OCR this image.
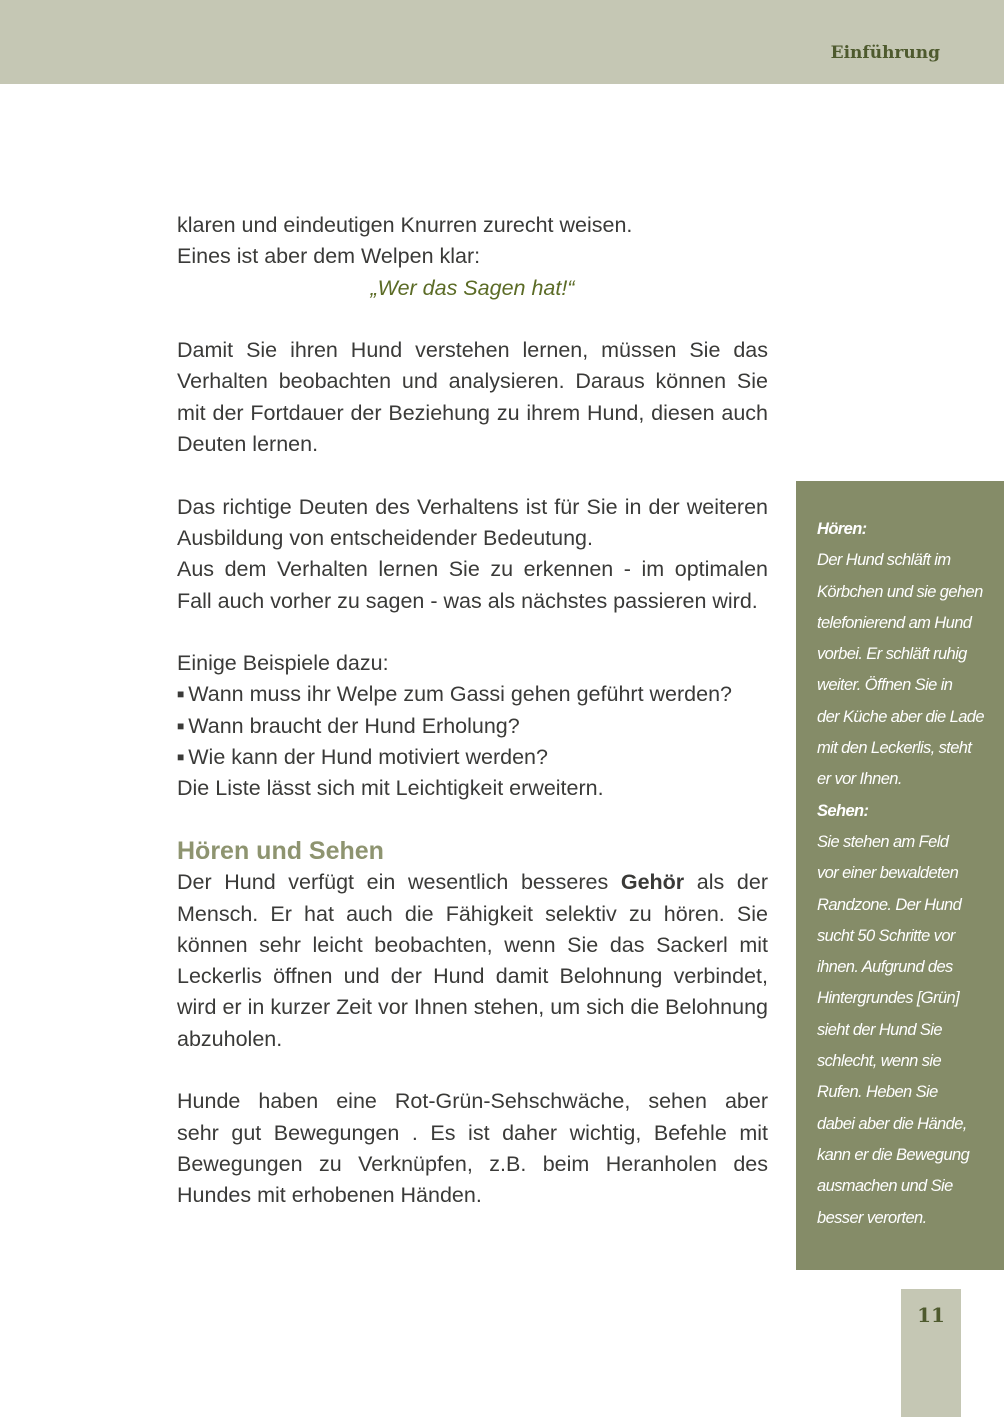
Einführung

klaren und eindeutigen Knurren zurecht weisen.

Eines ist aber dem Welpen klar:

„Wer das Sagen hat!“

Damit Sie ihren Hund verstehen lernen, müssen Sie das

Verhalten beobachten und analysieren. Daraus können Sie

mit der Fortdauer der Beziehung zu ihrem Hund, diesen auch

Deuten lernen.

Das richtige Deuten des Verhaltens ist für Sie in der weiteren

Ausbildung von entscheidender Bedeutung.

Aus dem Verhalten lernen Sie zu erkennen - im optimalen

Fall auch vorher zu sagen - was als nächstes passieren wird.

Einige Beispiele dazu:

■ Wann muss ihr Welpe zum Gassi gehen geführt werden?

■ Wann braucht der Hund Erholung?

■ Wie kann der Hund motiviert werden?

Die Liste lässt sich mit Leichtigkeit erweitern.

Hören und Sehen

Der Hund verfügt ein wesentlich besseres Gehör als der

Mensch. Er hat auch die Fähigkeit selektiv zu hören. Sie

können sehr leicht beobachten, wenn Sie das Sackerl mit

Leckerlis öffnen und der Hund damit Belohnung verbindet,

wird er in kurzer Zeit vor Ihnen stehen, um sich die Belohnung

abzuholen.

Hunde haben eine Rot-Grün-Sehschwäche, sehen aber

sehr gut Bewegungen . Es ist daher wichtig, Befehle mit

Bewegungen zu Verknüpfen, z.B. beim Heranholen des

Hundes mit erhobenen Händen.

Hören:
Der Hund schläft im
Körbchen und sie gehen
telefonierend am Hund
vorbei. Er schläft ruhig
weiter. Öffnen Sie in
der Küche aber die Lade
mit den Leckerlis, steht
er vor Ihnen.
Sehen:
Sie stehen am Feld
vor einer bewaldeten
Randzone. Der Hund
sucht 50 Schritte vor
ihnen. Aufgrund des
Hintergrundes [Grün]
sieht der Hund Sie
schlecht, wenn sie
Rufen. Heben Sie
dabei aber die Hände,
kann er die Bewegung
ausmachen und Sie
besser verorten.
11
